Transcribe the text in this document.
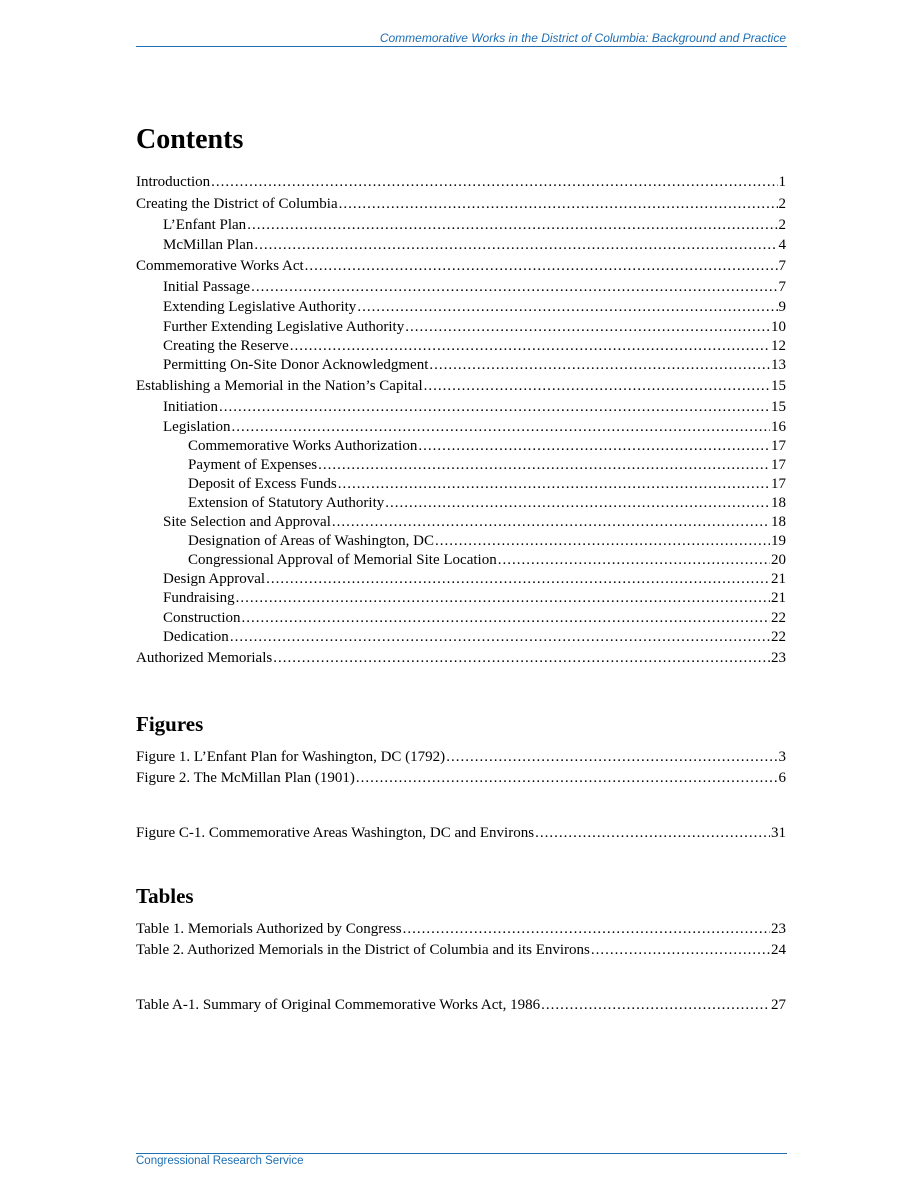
Commemorative Works in the District of Columbia: Background and Practice
Contents
Introduction .....	1
Creating the District of Columbia .....	2
L’Enfant Plan .....	2
McMillan Plan .....	4
Commemorative Works Act .....	7
Initial Passage .....	7
Extending Legislative Authority .....	9
Further Extending Legislative Authority .....	10
Creating the Reserve .....	12
Permitting On-Site Donor Acknowledgment .....	13
Establishing a Memorial in the Nation’s Capital .....	15
Initiation .....	15
Legislation .....	16
Commemorative Works Authorization .....	17
Payment of Expenses .....	17
Deposit of Excess Funds .....	17
Extension of Statutory Authority .....	18
Site Selection and Approval .....	18
Designation of Areas of Washington, DC .....	19
Congressional Approval of Memorial Site Location .....	20
Design Approval .....	21
Fundraising .....	21
Construction .....	22
Dedication .....	22
Authorized Memorials .....	23
Figures
Figure 1. L’Enfant Plan for Washington, DC (1792) .....	3
Figure 2. The McMillan Plan (1901) .....	6
Figure C-1. Commemorative Areas Washington, DC and Environs .....	31
Tables
Table 1. Memorials Authorized by Congress .....	23
Table 2. Authorized Memorials in the District of Columbia and its Environs .....	24
Table A-1. Summary of Original Commemorative Works Act, 1986 .....	27
Congressional Research Service
